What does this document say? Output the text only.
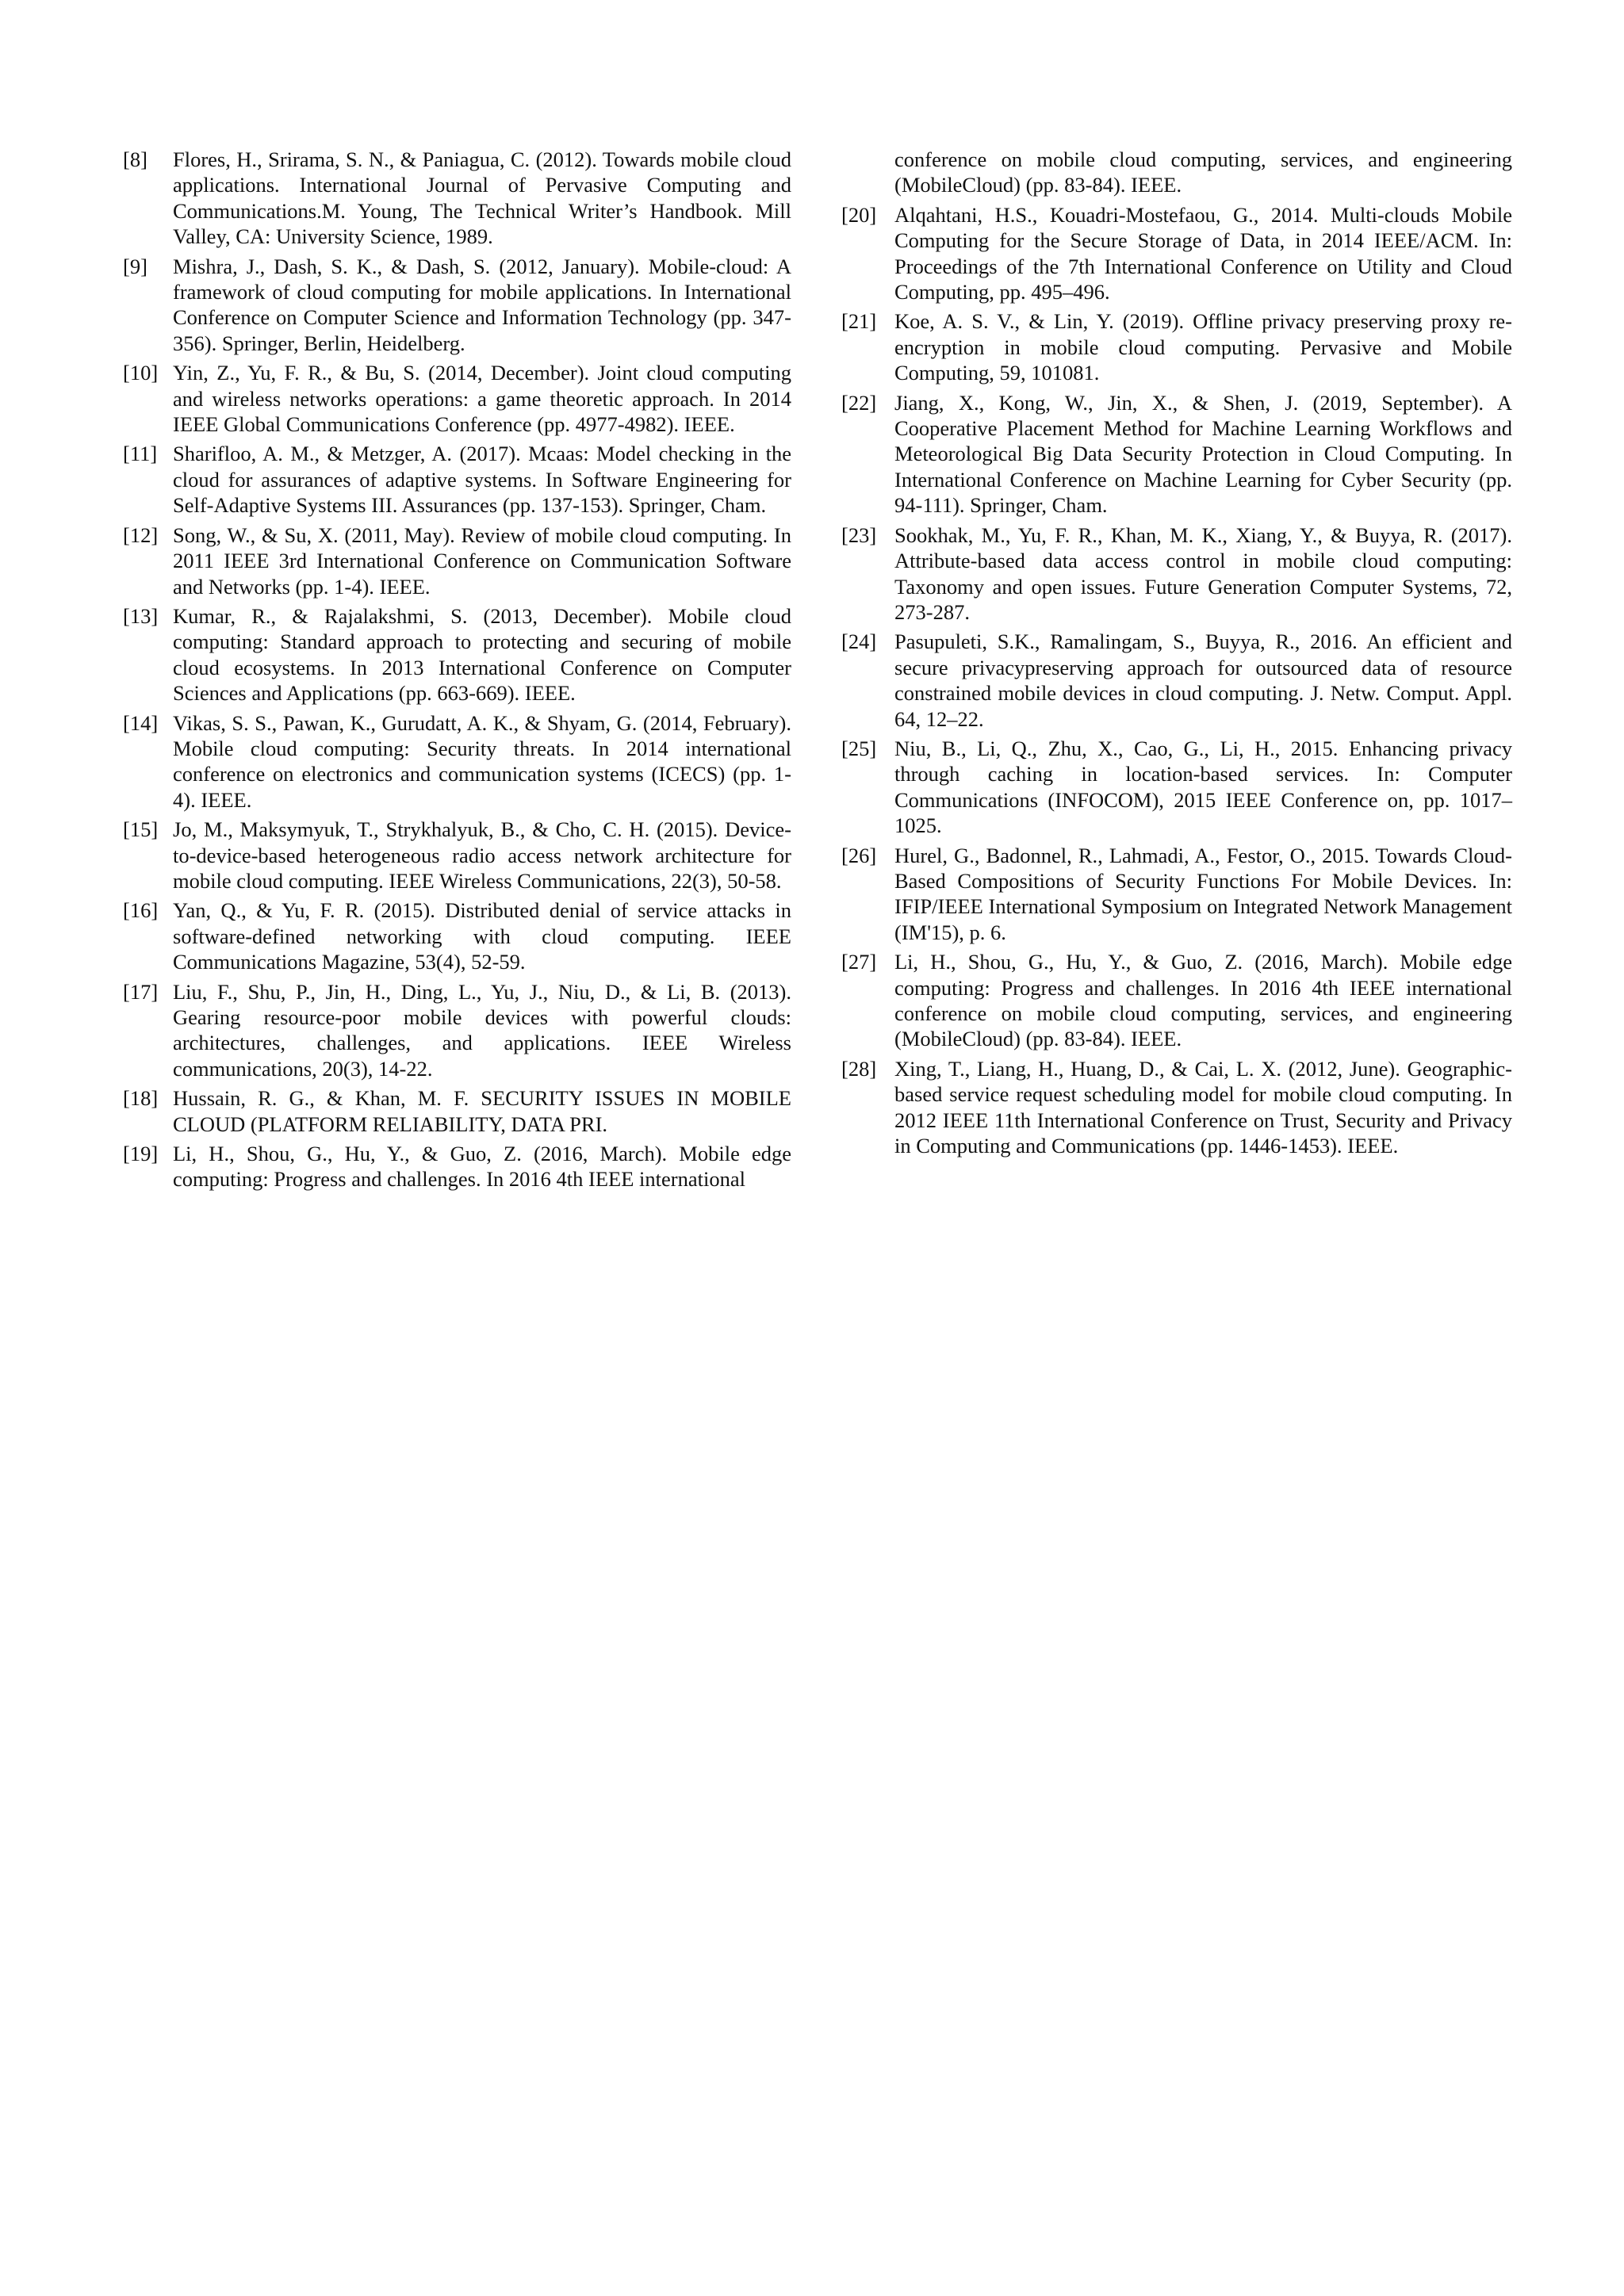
[8] Flores, H., Srirama, S. N., & Paniagua, C. (2012). Towards mobile cloud applications. International Journal of Pervasive Computing and Communications.M. Young, The Technical Writer’s Handbook. Mill Valley, CA: University Science, 1989.
[9] Mishra, J., Dash, S. K., & Dash, S. (2012, January). Mobile-cloud: A framework of cloud computing for mobile applications. In International Conference on Computer Science and Information Technology (pp. 347-356). Springer, Berlin, Heidelberg.
[10] Yin, Z., Yu, F. R., & Bu, S. (2014, December). Joint cloud computing and wireless networks operations: a game theoretic approach. In 2014 IEEE Global Communications Conference (pp. 4977-4982). IEEE.
[11] Sharifloo, A. M., & Metzger, A. (2017). Mcaas: Model checking in the cloud for assurances of adaptive systems. In Software Engineering for Self-Adaptive Systems III. Assurances (pp. 137-153). Springer, Cham.
[12] Song, W., & Su, X. (2011, May). Review of mobile cloud computing. In 2011 IEEE 3rd International Conference on Communication Software and Networks (pp. 1-4). IEEE.
[13] Kumar, R., & Rajalakshmi, S. (2013, December). Mobile cloud computing: Standard approach to protecting and securing of mobile cloud ecosystems. In 2013 International Conference on Computer Sciences and Applications (pp. 663-669). IEEE.
[14] Vikas, S. S., Pawan, K., Gurudatt, A. K., & Shyam, G. (2014, February). Mobile cloud computing: Security threats. In 2014 international conference on electronics and communication systems (ICECS) (pp. 1-4). IEEE.
[15] Jo, M., Maksymyuk, T., Strykhalyuk, B., & Cho, C. H. (2015). Device-to-device-based heterogeneous radio access network architecture for mobile cloud computing. IEEE Wireless Communications, 22(3), 50-58.
[16] Yan, Q., & Yu, F. R. (2015). Distributed denial of service attacks in software-defined networking with cloud computing. IEEE Communications Magazine, 53(4), 52-59.
[17] Liu, F., Shu, P., Jin, H., Ding, L., Yu, J., Niu, D., & Li, B. (2013). Gearing resource-poor mobile devices with powerful clouds: architectures, challenges, and applications. IEEE Wireless communications, 20(3), 14-22.
[18] Hussain, R. G., & Khan, M. F. SECURITY ISSUES IN MOBILE CLOUD (PLATFORM RELIABILITY, DATA PRI.
[19] Li, H., Shou, G., Hu, Y., & Guo, Z. (2016, March). Mobile edge computing: Progress and challenges. In 2016 4th IEEE international
conference on mobile cloud computing, services, and engineering (MobileCloud) (pp. 83-84). IEEE.
[20] Alqahtani, H.S., Kouadri-Mostefaou, G., 2014. Multi-clouds Mobile Computing for the Secure Storage of Data, in 2014 IEEE/ACM. In: Proceedings of the 7th International Conference on Utility and Cloud Computing, pp. 495–496.
[21] Koe, A. S. V., & Lin, Y. (2019). Offline privacy preserving proxy re-encryption in mobile cloud computing. Pervasive and Mobile Computing, 59, 101081.
[22] Jiang, X., Kong, W., Jin, X., & Shen, J. (2019, September). A Cooperative Placement Method for Machine Learning Workflows and Meteorological Big Data Security Protection in Cloud Computing. In International Conference on Machine Learning for Cyber Security (pp. 94-111). Springer, Cham.
[23] Sookhak, M., Yu, F. R., Khan, M. K., Xiang, Y., & Buyya, R. (2017). Attribute-based data access control in mobile cloud computing: Taxonomy and open issues. Future Generation Computer Systems, 72, 273-287.
[24] Pasupuleti, S.K., Ramalingam, S., Buyya, R., 2016. An efficient and secure privacypreserving approach for outsourced data of resource constrained mobile devices in cloud computing. J. Netw. Comput. Appl. 64, 12–22.
[25] Niu, B., Li, Q., Zhu, X., Cao, G., Li, H., 2015. Enhancing privacy through caching in location-based services. In: Computer Communications (INFOCOM), 2015 IEEE Conference on, pp. 1017–1025.
[26] Hurel, G., Badonnel, R., Lahmadi, A., Festor, O., 2015. Towards Cloud-Based Compositions of Security Functions For Mobile Devices. In: IFIP/IEEE International Symposium on Integrated Network Management (IM'15), p. 6.
[27] Li, H., Shou, G., Hu, Y., & Guo, Z. (2016, March). Mobile edge computing: Progress and challenges. In 2016 4th IEEE international conference on mobile cloud computing, services, and engineering (MobileCloud) (pp. 83-84). IEEE.
[28] Xing, T., Liang, H., Huang, D., & Cai, L. X. (2012, June). Geographic-based service request scheduling model for mobile cloud computing. In 2012 IEEE 11th International Conference on Trust, Security and Privacy in Computing and Communications (pp. 1446-1453). IEEE.
